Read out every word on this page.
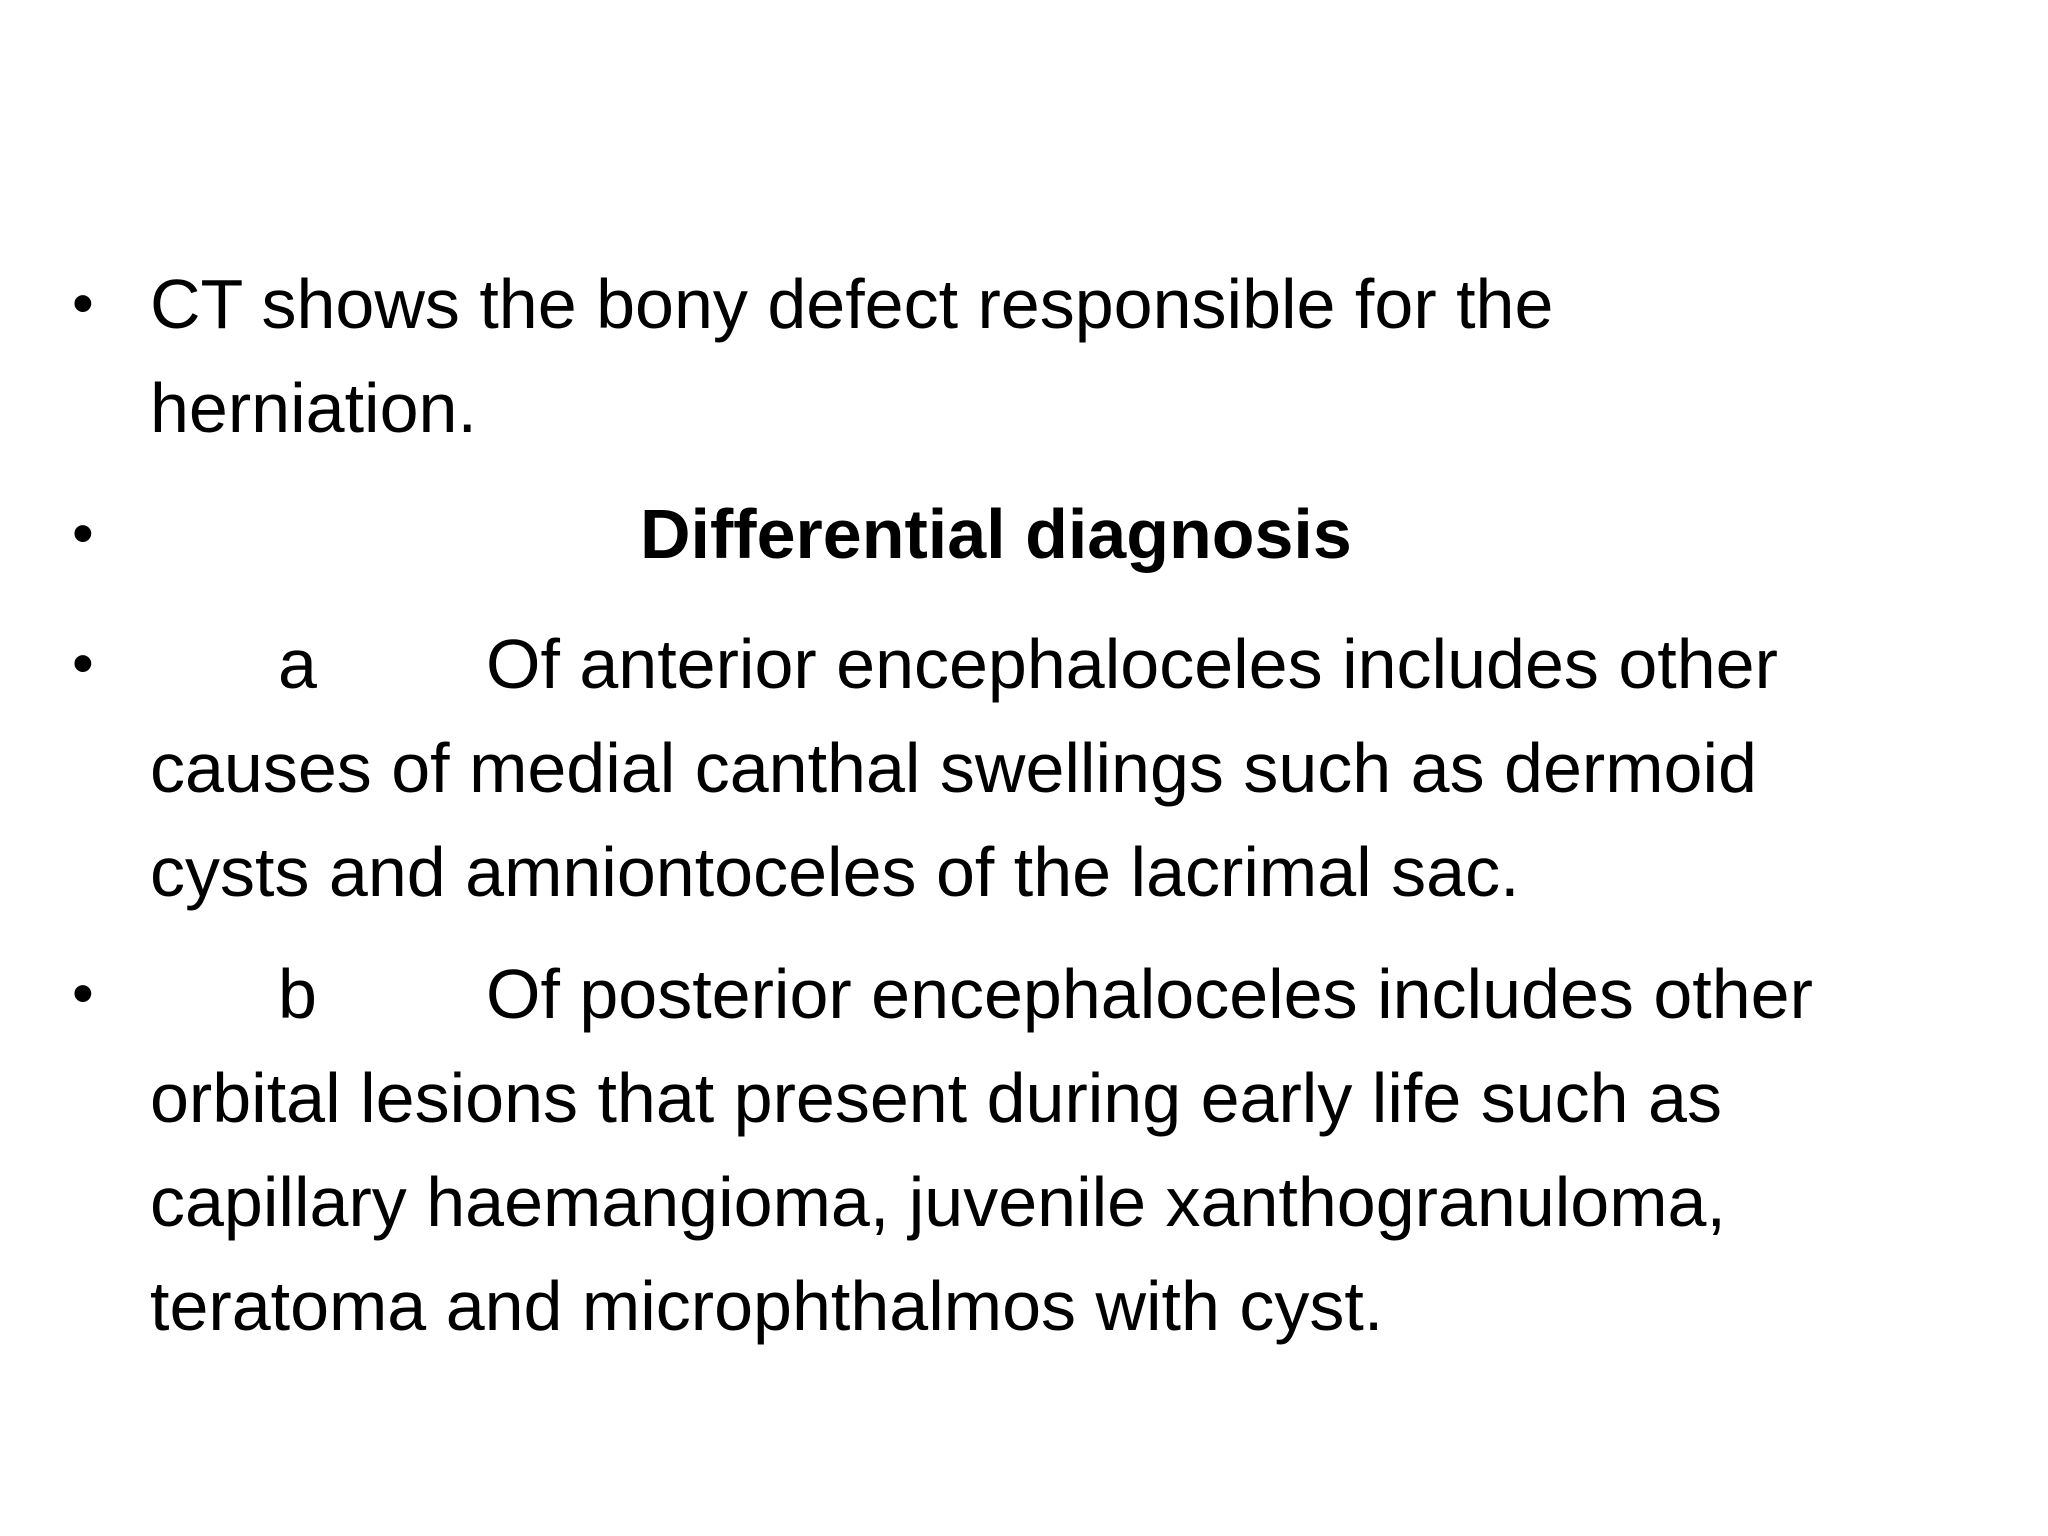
• CT shows the bony defect responsible for the
herniation.
•	Differential diagnosis
•	a Of anterior encephaloceles includes other
causes of medial canthal swellings such as dermoid
cysts and amniontoceles of the lacrimal sac.
•	b Of posterior encephaloceles includes other
orbital lesions that present during early life such as
capillary haemangioma, juvenile xanthogranuloma,
teratoma and microphthalmos with cyst.
